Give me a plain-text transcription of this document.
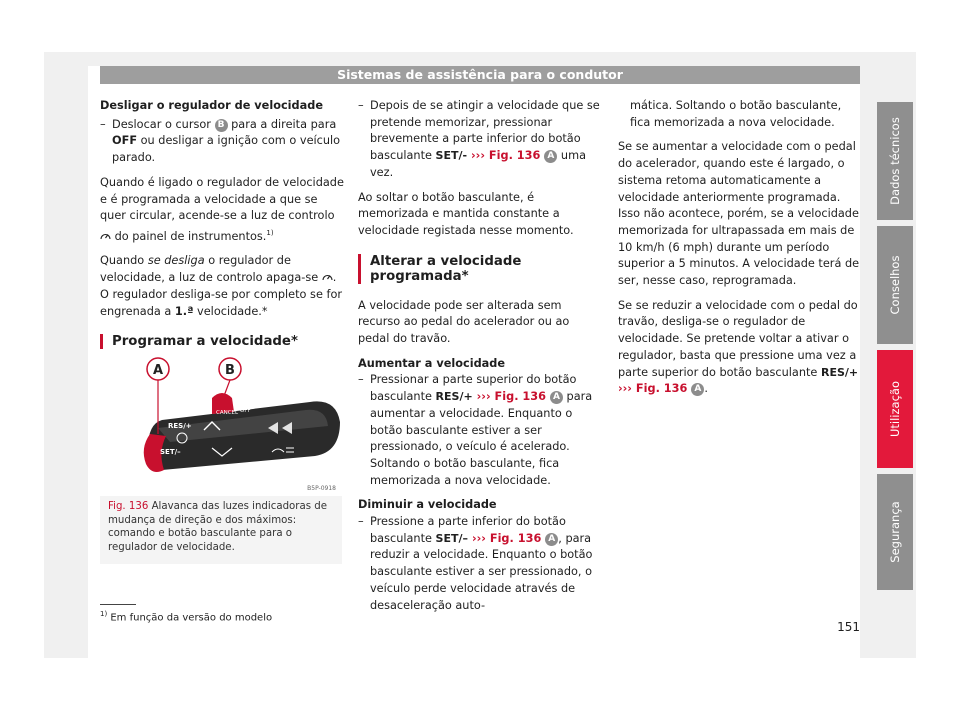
Sistemas de assistência para o condutor

Desligar o regulador de velocidade

– Deslocar o cursor B para a direita para OFF ou desligar a ignição com o veículo parado.

Quando é ligado o regulador de velocidade e é programada a velocidade a que se quer circular, acende-se a luz de controlo  do painel de instrumentos.$^{1)}$

Quando se desliga o regulador de velocidade, a luz de controlo apaga-se . O regulador desliga-se por completo se for engrenada a 1.ª velocidade.*

Programar a velocidade*
A	B
RES/+
SET/–
ON CANCEL OFF
B5P-0918
Fig. 136 Alavanca das luzes indicadoras de mudança de direção e dos máximos: comando e botão basculante para o regulador de velocidade.
– Depois de se atingir a velocidade que se pretende memorizar, pressionar brevemente a parte inferior do botão basculante SET/- ››› Fig. 136 A uma vez.

Ao soltar o botão basculante, é memorizada e mantida constante a velocidade registada nesse momento.

Alterar a velocidade programada*

A velocidade pode ser alterada sem recurso ao pedal do acelerador ou ao pedal do travão.

Aumentar a velocidade

– Pressionar a parte superior do botão basculante RES/+ ››› Fig. 136 A para aumentar a velocidade. Enquanto o botão basculante estiver a ser pressionado, o veículo é acelerado. Soltando o botão basculante, fica memorizada a nova velocidade.

Diminuir a velocidade

– Pressione a parte inferior do botão basculante SET/– ››› Fig. 136 A , para reduzir a velocidade. Enquanto o botão basculante estiver a ser pressionado, o veículo perde velocidade através de desaceleração auto-

mática. Soltando o botão basculante, fica memorizada a nova velocidade.

Se se aumentar a velocidade com o pedal do acelerador, quando este é largado, o sistema retoma automaticamente a velocidade anteriormente programada. Isso não acontece, porém, se a velocidade memorizada for ultrapassada em mais de 10 km/h (6 mph) durante um período superior a 5 minutos. A velocidade terá de ser, nesse caso, reprogramada.

Se se reduzir a velocidade com o pedal do travão, desliga-se o regulador de velocidade. Se pretende voltar a ativar o regulador, basta que pressione uma vez a parte superior do botão basculante RES/+ ››› Fig. 136 A .

Dados técnicos
Conselhos
Utilização
Segurança
$^{1)}$ Em função da versão do modelo
151
